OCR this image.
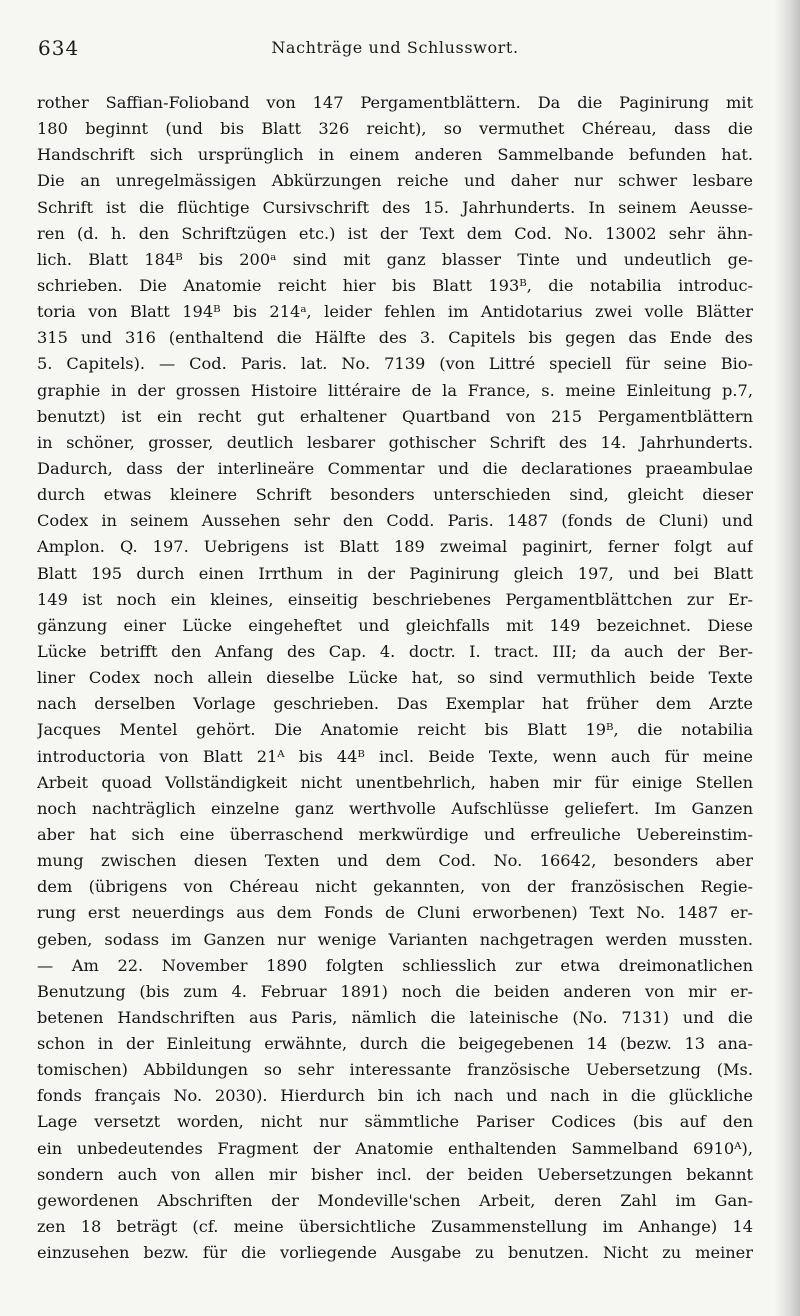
634	Nachträge und Schlusswort.
rother Saffian-Folioband von 147 Pergamentblättern. Da die Paginirung mit
180 beginnt (und bis Blatt 326 reicht), so vermuthet Chéreau, dass die
Handschrift sich ursprünglich in einem anderen Sammelbande befunden hat.
Die an unregelmässigen Abkürzungen reiche und daher nur schwer lesbare
Schrift ist die flüchtige Cursivschrift des 15. Jahrhunderts. In seinem Aeusse-
ren (d. h. den Schriftzügen etc.) ist der Text dem Cod. No. 13002 sehr ähn-
lich. Blatt 184ᴮ bis 200ᵃ sind mit ganz blasser Tinte und undeutlich ge-
schrieben. Die Anatomie reicht hier bis Blatt 193ᴮ, die notabilia introduc-
toria von Blatt 194ᴮ bis 214ᵃ, leider fehlen im Antidotarius zwei volle Blätter
315 und 316 (enthaltend die Hälfte des 3. Capitels bis gegen das Ende des
5. Capitels). — Cod. Paris. lat. No. 7139 (von Littré speciell für seine Bio-
graphie in der grossen Histoire littéraire de la France, s. meine Einleitung p.7,
benutzt) ist ein recht gut erhaltener Quartband von 215 Pergamentblättern
in schöner, grosser, deutlich lesbarer gothischer Schrift des 14. Jahrhunderts.
Dadurch, dass der interlineäre Commentar und die declarationes praeambulae
durch etwas kleinere Schrift besonders unterschieden sind, gleicht dieser
Codex in seinem Aussehen sehr den Codd. Paris. 1487 (fonds de Cluni) und
Amplon. Q. 197. Uebrigens ist Blatt 189 zweimal paginirt, ferner folgt auf
Blatt 195 durch einen Irrthum in der Paginirung gleich 197, und bei Blatt
149 ist noch ein kleines, einseitig beschriebenes Pergamentblättchen zur Er-
gänzung einer Lücke eingeheftet und gleichfalls mit 149 bezeichnet. Diese
Lücke betrifft den Anfang des Cap. 4. doctr. I. tract. III; da auch der Ber-
liner Codex noch allein dieselbe Lücke hat, so sind vermuthlich beide Texte
nach derselben Vorlage geschrieben. Das Exemplar hat früher dem Arzte
Jacques Mentel gehört. Die Anatomie reicht bis Blatt 19ᴮ, die notabilia
introductoria von Blatt 21ᴬ bis 44ᴮ incl. Beide Texte, wenn auch für meine
Arbeit quoad Vollständigkeit nicht unentbehrlich, haben mir für einige Stellen
noch nachträglich einzelne ganz werthvolle Aufschlüsse geliefert. Im Ganzen
aber hat sich eine überraschend merkwürdige und erfreuliche Uebereinstim-
mung zwischen diesen Texten und dem Cod. No. 16642, besonders aber
dem (übrigens von Chéreau nicht gekannten, von der französischen Regie-
rung erst neuerdings aus dem Fonds de Cluni erworbenen) Text No. 1487 er-
geben, sodass im Ganzen nur wenige Varianten nachgetragen werden mussten.
— Am 22. November 1890 folgten schliesslich zur etwa dreimonatlichen
Benutzung (bis zum 4. Februar 1891) noch die beiden anderen von mir er-
betenen Handschriften aus Paris, nämlich die lateinische (No. 7131) und die
schon in der Einleitung erwähnte, durch die beigegebenen 14 (bezw. 13 ana-
tomischen) Abbildungen so sehr interessante französische Uebersetzung (Ms.
fonds français No. 2030). Hierdurch bin ich nach und nach in die glückliche
Lage versetzt worden, nicht nur sämmtliche Pariser Codices (bis auf den
ein unbedeutendes Fragment der Anatomie enthaltenden Sammelband 6910ᴬ),
sondern auch von allen mir bisher incl. der beiden Uebersetzungen bekannt
gewordenen Abschriften der Mondeville'schen Arbeit, deren Zahl im Gan-
zen 18 beträgt (cf. meine übersichtliche Zusammenstellung im Anhange) 14
einzusehen bezw. für die vorliegende Ausgabe zu benutzen. Nicht zu meiner
